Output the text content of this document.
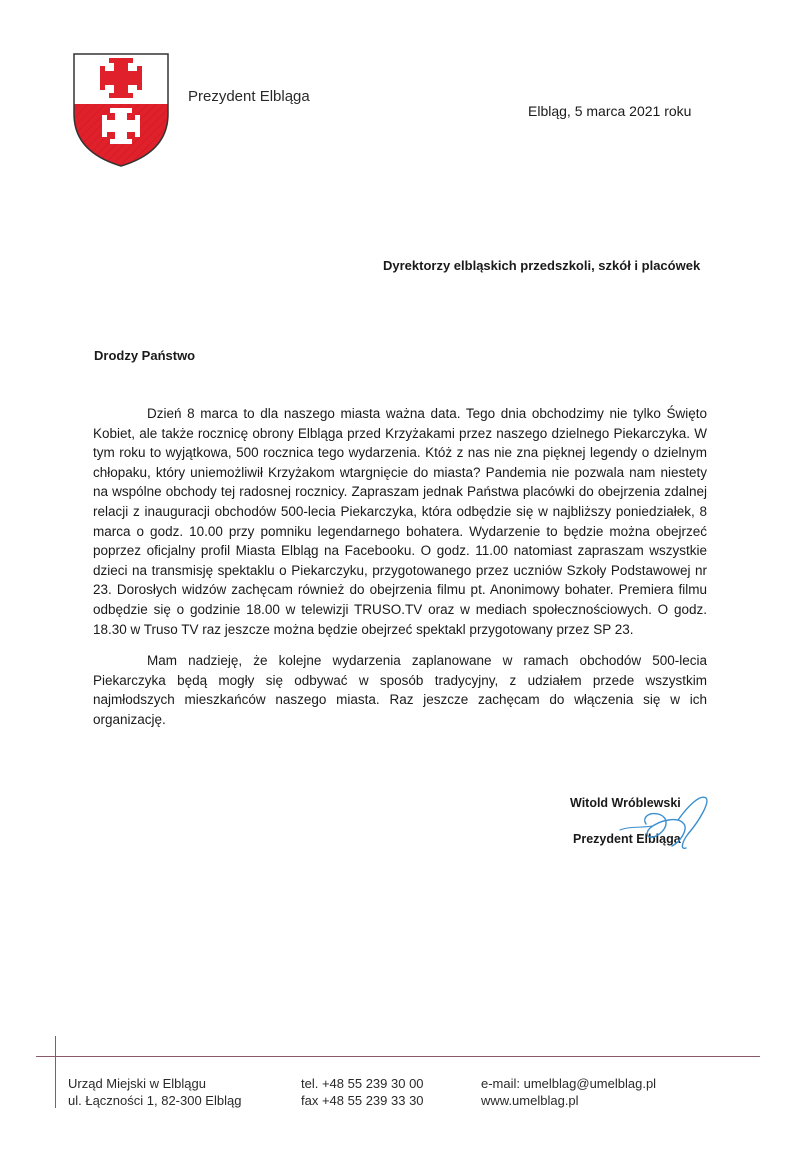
Prezydent Elbląga
Elbląg, 5 marca 2021 roku
Dyrektorzy elbląskich przedszkoli, szkół i placówek
Drodzy Państwo

Dzień 8 marca to dla naszego miasta ważna data. Tego dnia obchodzimy nie tylko Święto Kobiet, ale także rocznicę obrony Elbląga przed Krzyżakami przez naszego dzielnego Piekarczyka. W tym roku to wyjątkowa, 500 rocznica tego wydarzenia. Któż z nas nie zna pięknej legendy o dzielnym chłopaku, który uniemożliwił Krzyżakom wtargnięcie do miasta? Pandemia nie pozwala nam niestety na wspólne obchody tej radosnej rocznicy. Zapraszam jednak Państwa placówki do obejrzenia zdalnej relacji z inauguracji obchodów 500-lecia Piekarczyka, która odbędzie się w najbliższy poniedziałek, 8 marca o godz. 10.00 przy pomniku legendarnego bohatera. Wydarzenie to będzie można obejrzeć poprzez oficjalny profil Miasta Elbląg na Facebooku. O godz. 11.00 natomiast zapraszam wszystkie dzieci na transmisję spektaklu o Piekarczyku, przygotowanego przez uczniów Szkoły Podstawowej nr 23. Dorosłych widzów zachęcam również do obejrzenia filmu pt. Anonimowy bohater. Premiera filmu odbędzie się o godzinie 18.00 w telewizji TRUSO.TV oraz w mediach społecznościowych. O godz. 18.30 w Truso TV raz jeszcze można będzie obejrzeć spektakl przygotowany przez SP 23.

Mam nadzieję, że kolejne wydarzenia zaplanowane w ramach obchodów 500-lecia Piekarczyka będą mogły się odbywać w sposób tradycyjny, z udziałem przede wszystkim najmłodszych mieszkańców naszego miasta. Raz jeszcze zachęcam do włączenia się w ich organizację.

Witold Wróblewski
Prezydent Elbląga
Urząd Miejski w Elblągu
ul. Łączności 1, 82-300 Elbląg
tel. +48 55 239 30 00
fax +48 55 239 33 30
e-mail: umelblag@umelblag.pl
www.umelblag.pl
